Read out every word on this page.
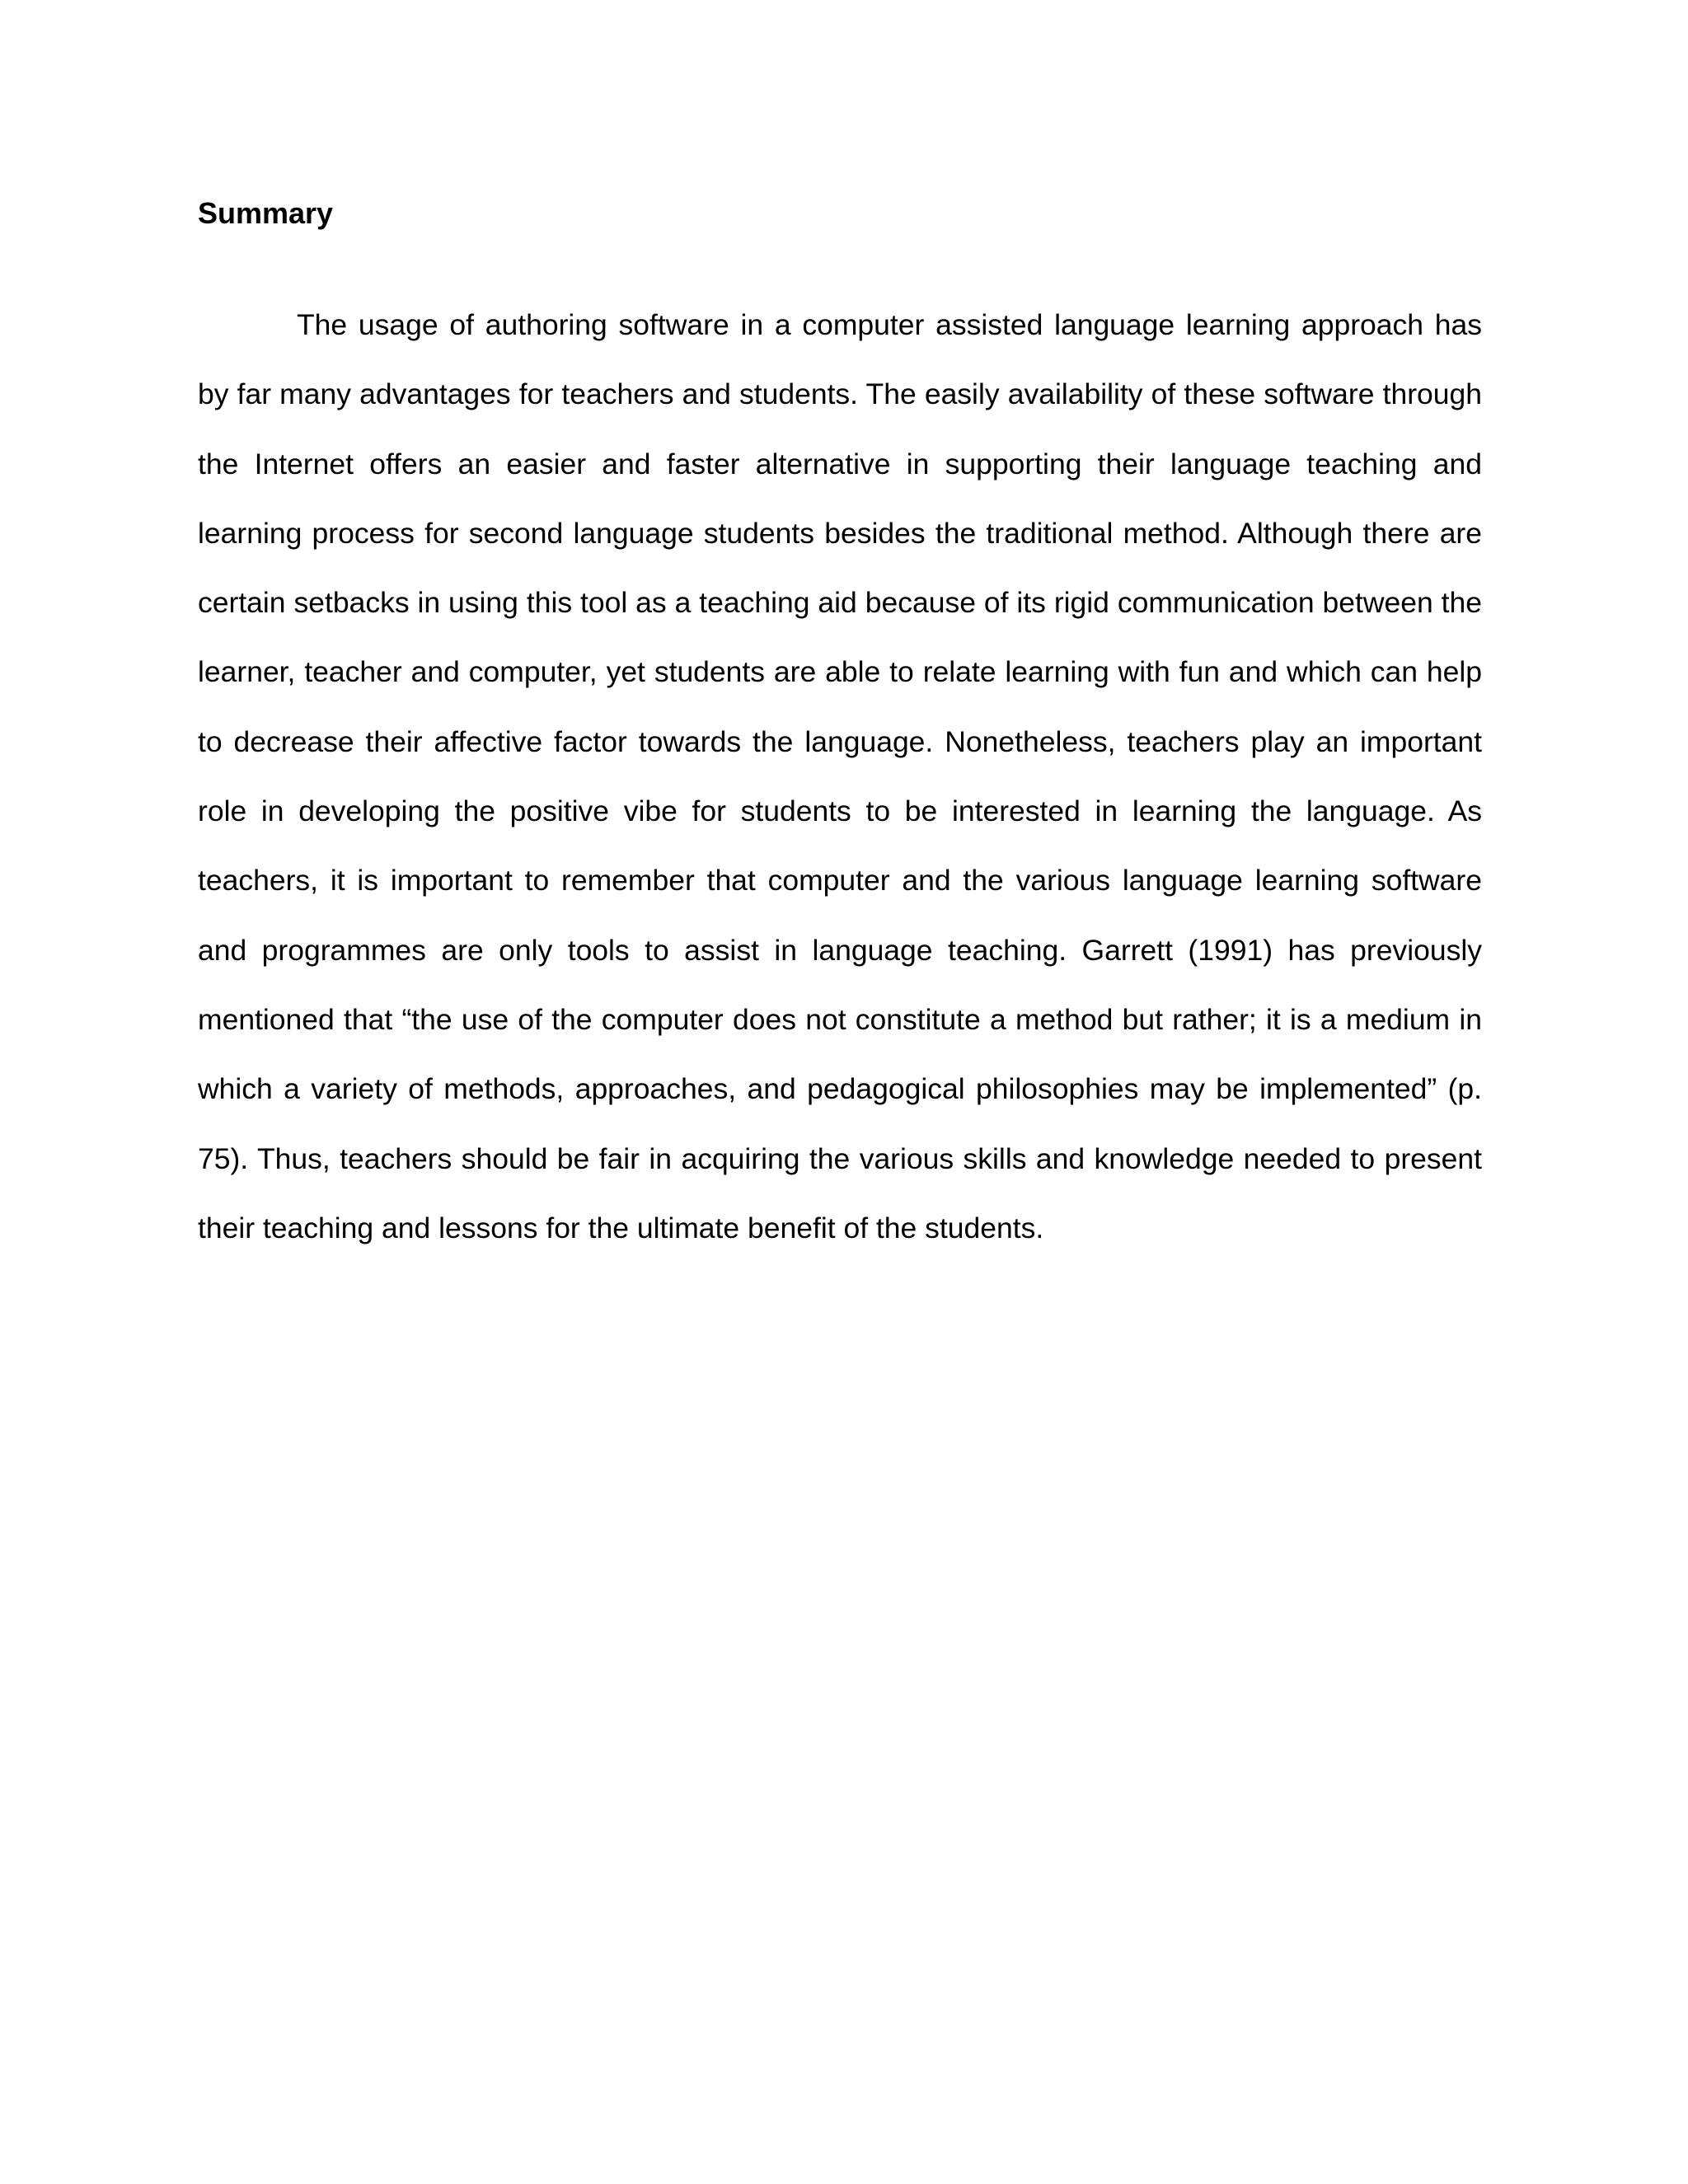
Summary

The usage of authoring software in a computer assisted language learning approach has by far many advantages for teachers and students. The easily availability of these software through the Internet offers an easier and faster alternative in supporting their language teaching and learning process for second language students besides the traditional method. Although there are certain setbacks in using this tool as a teaching aid because of its rigid communication between the learner, teacher and computer, yet students are able to relate learning with fun and which can help to decrease their affective factor towards the language. Nonetheless, teachers play an important role in developing the positive vibe for students to be interested in learning the language. As teachers, it is important to remember that computer and the various language learning software and programmes are only tools to assist in language teaching. Garrett (1991) has previously mentioned that “the use of the computer does not constitute a method but rather; it is a medium in which a variety of methods, approaches, and pedagogical philosophies may be implemented” (p. 75). Thus, teachers should be fair in acquiring the various skills and knowledge needed to present their teaching and lessons for the ultimate benefit of the students.
